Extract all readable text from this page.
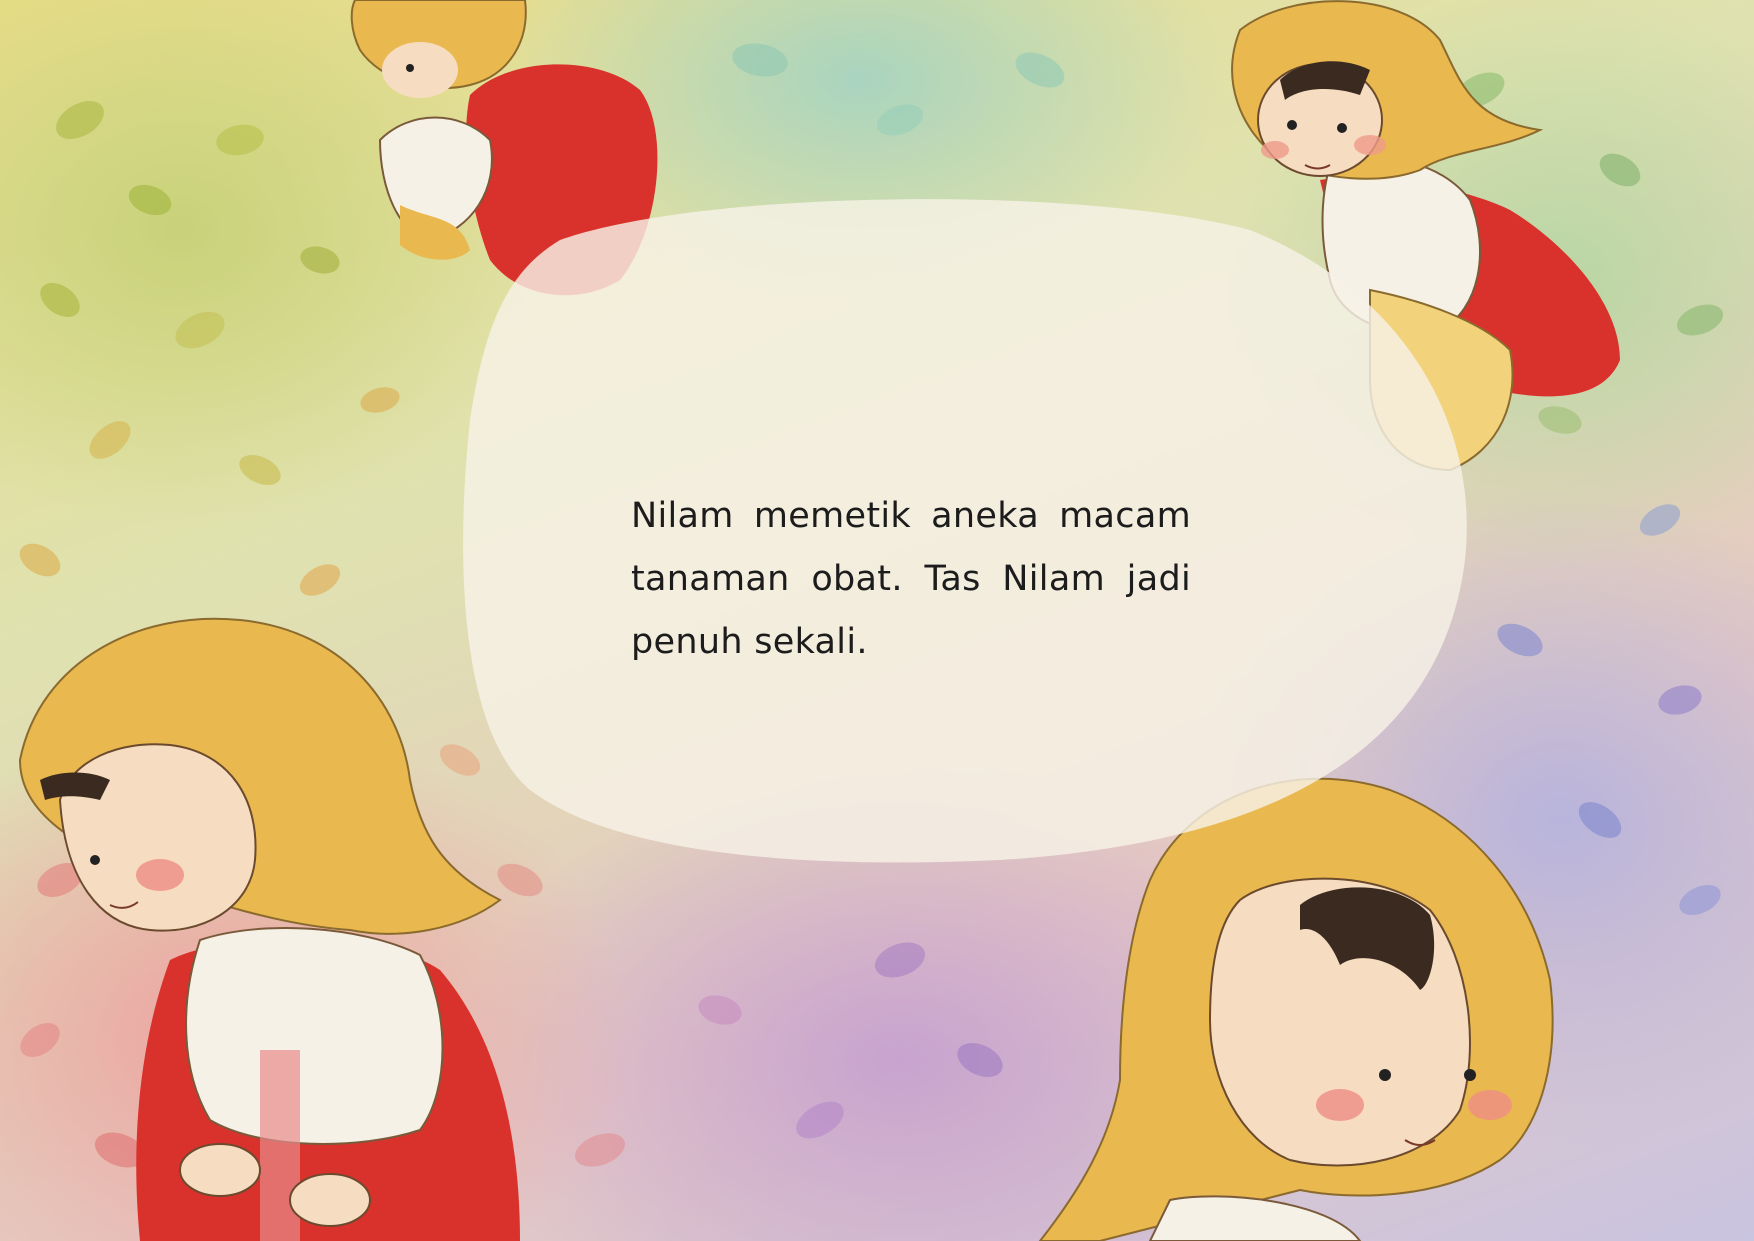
Nilam memetik aneka macam tanaman obat. Tas Nilam jadi penuh sekali.
